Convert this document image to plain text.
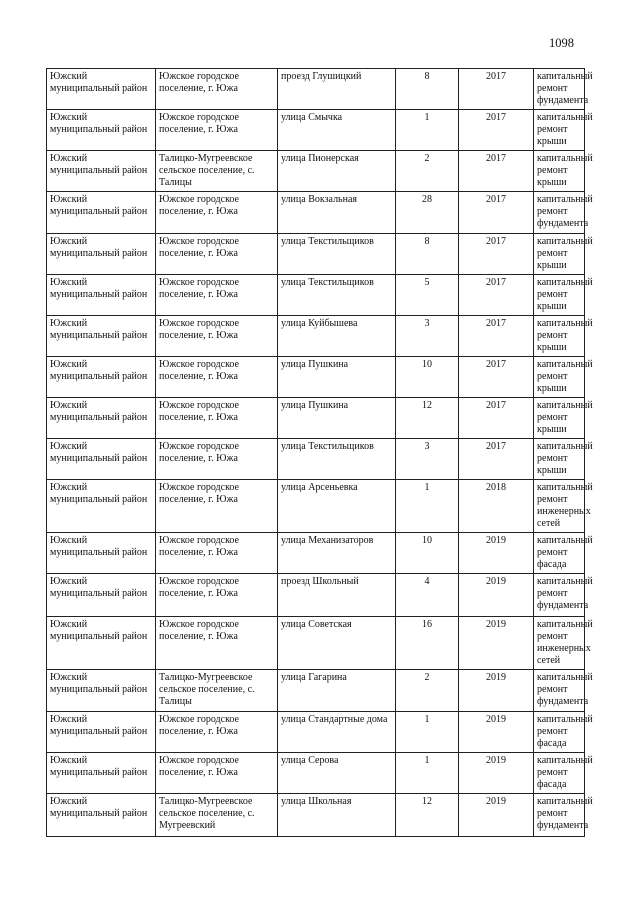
1098
Южский муниципальный район	Южское городское поселение, г. Южа	проезд Глушицкий	8	2017	капитальный ремонт фундамента
Южский муниципальный район	Южское городское поселение, г. Южа	улица Смычка	1	2017	капитальный ремонт крыши
Южский муниципальный район	Талицко-Мугреевское сельское поселение, с. Талицы	улица Пионерская	2	2017	капитальный ремонт крыши
Южский муниципальный район	Южское городское поселение, г. Южа	улица Вокзальная	28	2017	капитальный ремонт фундамента
Южский муниципальный район	Южское городское поселение, г. Южа	улица Текстильщиков	8	2017	капитальный ремонт крыши
Южский муниципальный район	Южское городское поселение, г. Южа	улица Текстильщиков	5	2017	капитальный ремонт крыши
Южский муниципальный район	Южское городское поселение, г. Южа	улица Куйбышева	3	2017	капитальный ремонт крыши
Южский муниципальный район	Южское городское поселение, г. Южа	улица Пушкина	10	2017	капитальный ремонт крыши
Южский муниципальный район	Южское городское поселение, г. Южа	улица Пушкина	12	2017	капитальный ремонт крыши
Южский муниципальный район	Южское городское поселение, г. Южа	улица Текстильщиков	3	2017	капитальный ремонт крыши
Южский муниципальный район	Южское городское поселение, г. Южа	улица Арсеньевка	1	2018	капитальный ремонт инженерных сетей
Южский муниципальный район	Южское городское поселение, г. Южа	улица Механизаторов	10	2019	капитальный ремонт фасада
Южский муниципальный район	Южское городское поселение, г. Южа	проезд Школьный	4	2019	капитальный ремонт фундамента
Южский муниципальный район	Южское городское поселение, г. Южа	улица Советская	16	2019	капитальный ремонт инженерных сетей
Южский муниципальный район	Талицко-Мугреевское сельское поселение, с. Талицы	улица Гагарина	2	2019	капитальный ремонт фундамента
Южский муниципальный район	Южское городское поселение, г. Южа	улица Стандартные дома	1	2019	капитальный ремонт фасада
Южский муниципальный район	Южское городское поселение, г. Южа	улица Серова	1	2019	капитальный ремонт фасада
Южский муниципальный район	Талицко-Мугреевское сельское поселение, с. Мугреевский	улица Школьная	12	2019	капитальный ремонт фундамента
